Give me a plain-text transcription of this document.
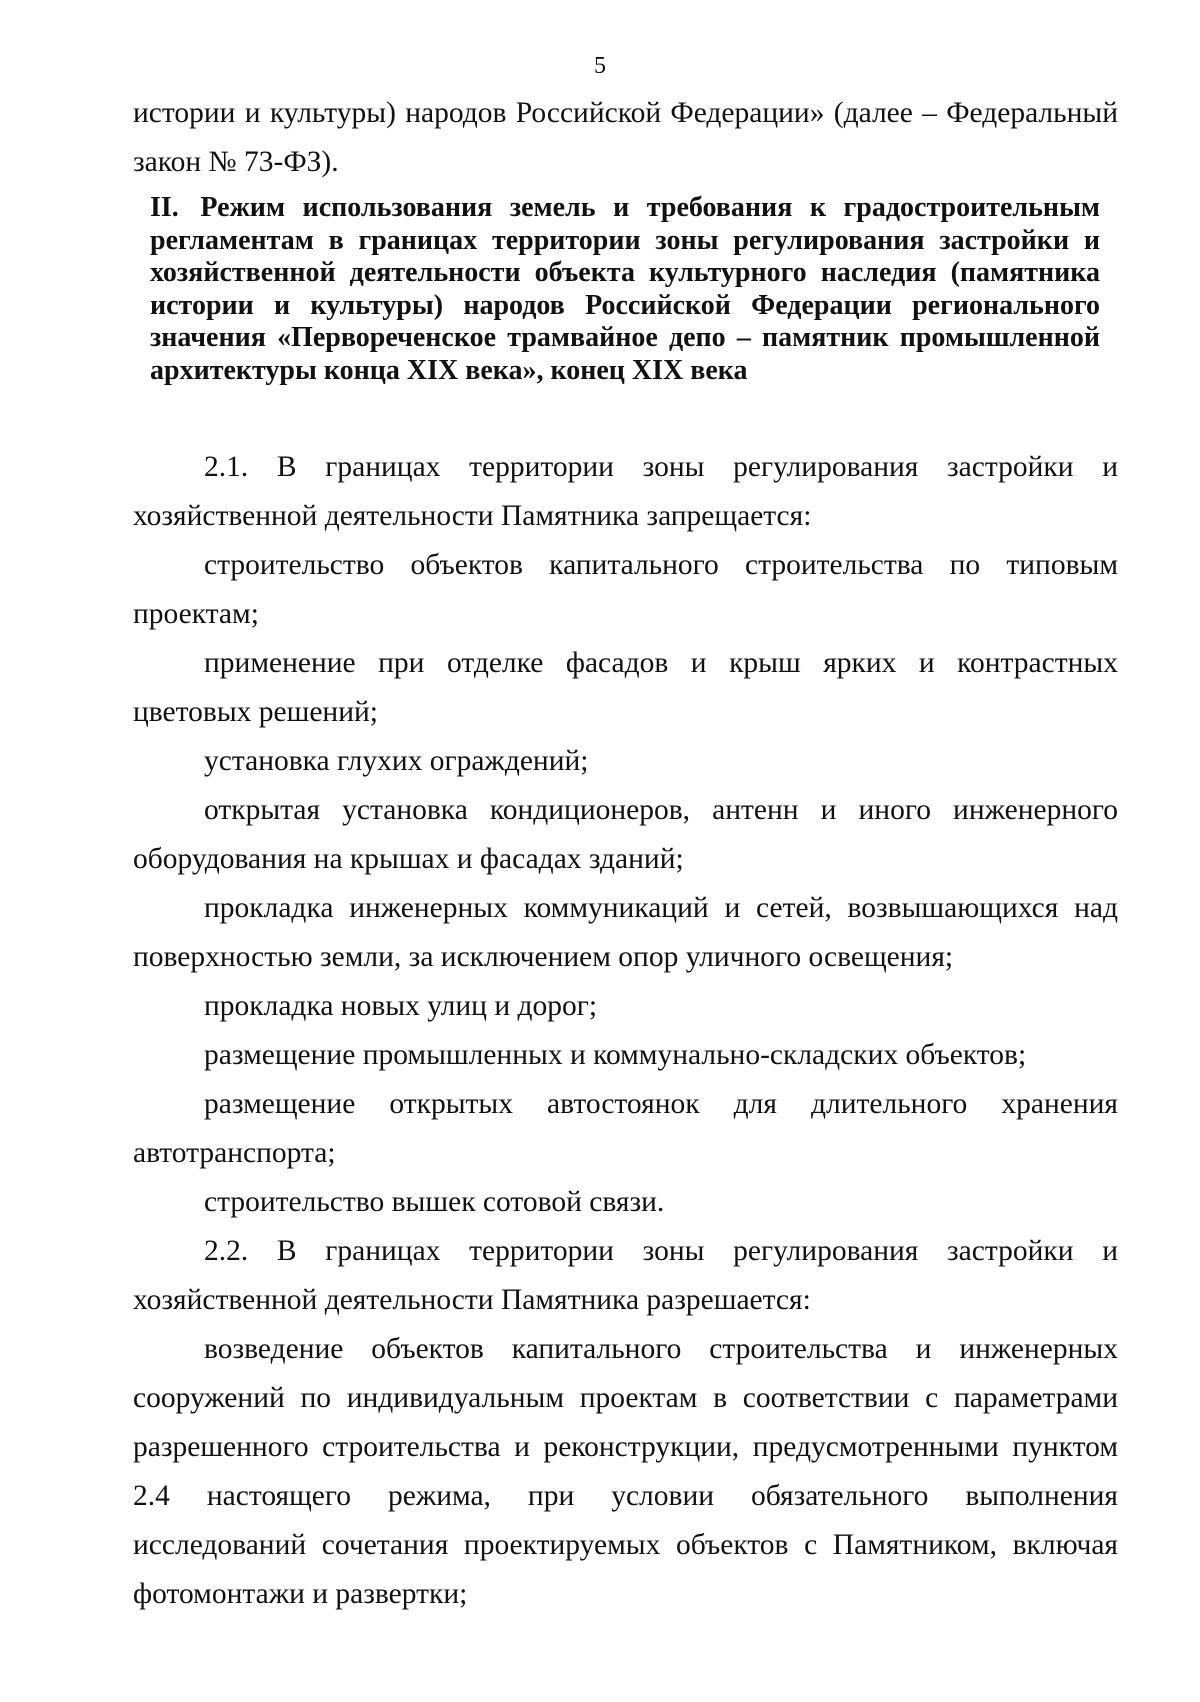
5
истории и культуры) народов Российской Федерации» (далее – Федеральный закон № 73-ФЗ).
II. Режим использования земель и требования к градостроительным регламентам в границах территории зоны регулирования застройки и хозяйственной деятельности объекта культурного наследия (памятника истории и культуры) народов Российской Федерации регионального значения «Первореченское трамвайное депо – памятник промышленной архитектуры конца XIX века», конец XIX века

2.1. В границах территории зоны регулирования застройки и хозяйственной деятельности Памятника запрещается:

строительство объектов капитального строительства по типовым проектам;

применение при отделке фасадов и крыш ярких и контрастных цветовых решений;

установка глухих ограждений;

открытая установка кондиционеров, антенн и иного инженерного оборудования на крышах и фасадах зданий;

прокладка инженерных коммуникаций и сетей, возвышающихся над поверхностью земли, за исключением опор уличного освещения;

прокладка новых улиц и дорог;

размещение промышленных и коммунально-складских объектов;

размещение открытых автостоянок для длительного хранения автотранспорта;

строительство вышек сотовой связи.

2.2. В границах территории зоны регулирования застройки и хозяйственной деятельности Памятника разрешается:

возведение объектов капитального строительства и инженерных сооружений по индивидуальным проектам в соответствии с параметрами разрешенного строительства и реконструкции, предусмотренными пунктом 2.4 настоящего режима, при условии обязательного выполнения исследований сочетания проектируемых объектов с Памятником, включая фотомонтажи и развертки;
